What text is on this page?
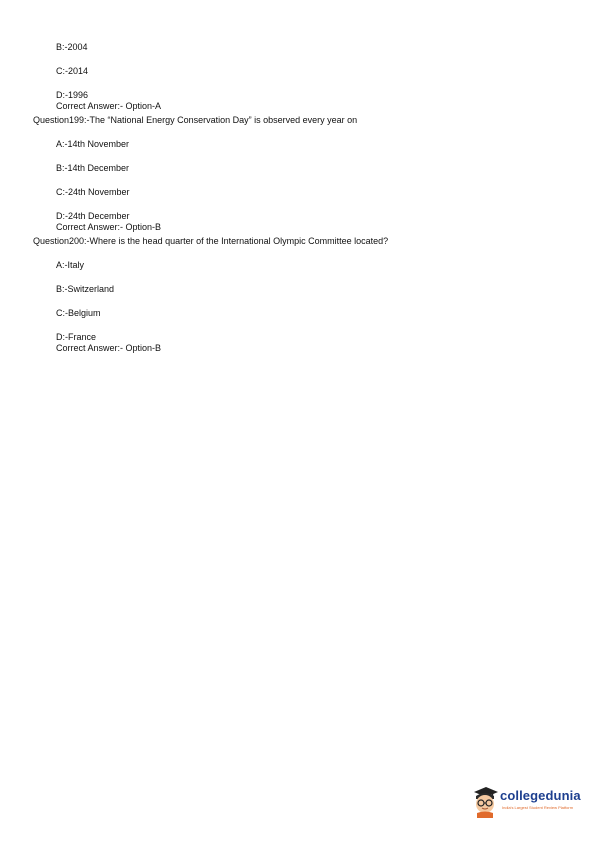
B:-2004
C:-2014
D:-1996
Correct Answer:- Option-A
Question199:-The “National Energy Conservation Day” is observed every year on
A:-14th November
B:-14th December
C:-24th November
D:-24th December
Correct Answer:- Option-B
Question200:-Where is the head quarter of the International Olympic Committee located?
A:-Italy
B:-Switzerland
C:-Belgium
D:-France
Correct Answer:- Option-B
collegedunia
India's Largest Student Review Platform
